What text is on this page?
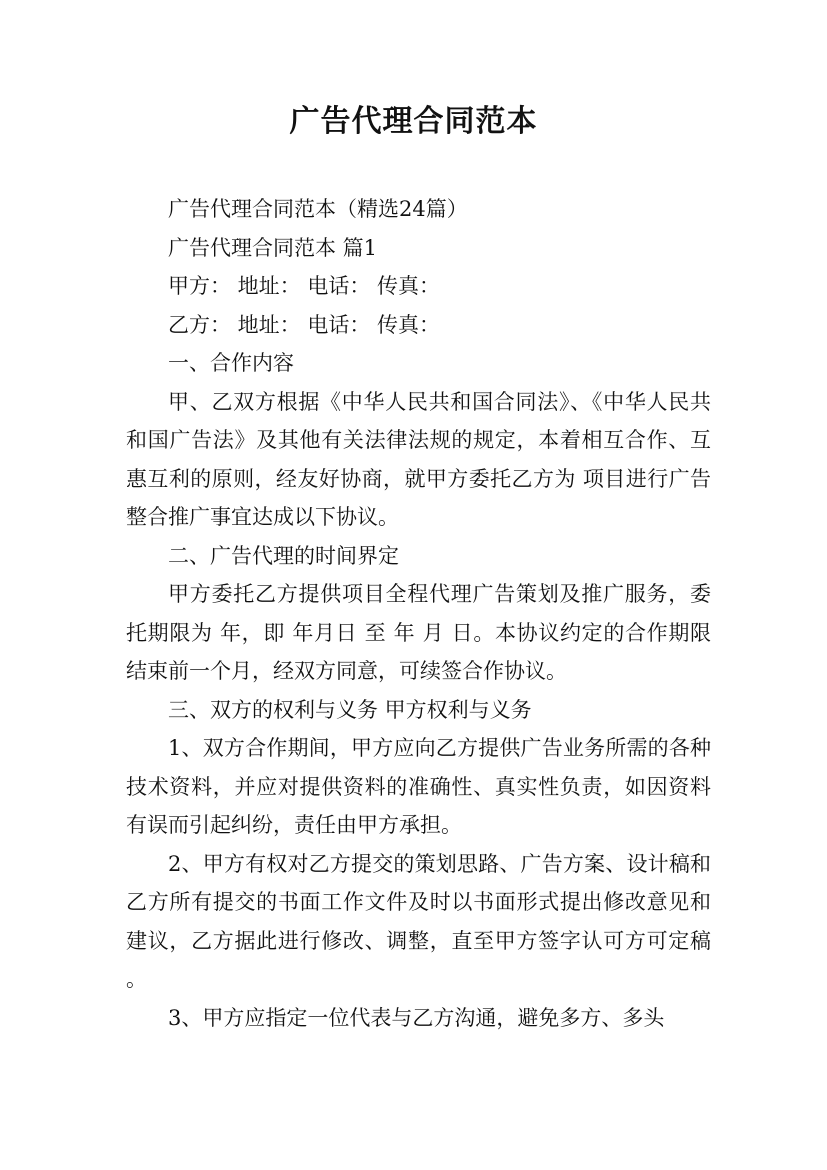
广告代理合同范本

广告代理合同范本（精选24篇）

广告代理合同范本 篇1

甲方： 地址： 电话： 传真：

乙方： 地址： 电话： 传真：

一、合作内容

甲、乙双方根据《中华人民共和国合同法》、《中华人民共和国广告法》及其他有关法律法规的规定，本着相互合作、互惠互利的原则，经友好协商，就甲方委托乙方为 项目进行广告整合推广事宜达成以下协议。

二、广告代理的时间界定

甲方委托乙方提供项目全程代理广告策划及推广服务，委托期限为 年，即 年月日 至 年 月 日。本协议约定的合作期限结束前一个月，经双方同意，可续签合作协议。

三、双方的权利与义务 甲方权利与义务

1、双方合作期间，甲方应向乙方提供广告业务所需的各种技术资料，并应对提供资料的准确性、真实性负责，如因资料有误而引起纠纷，责任由甲方承担。

2、甲方有权对乙方提交的策划思路、广告方案、设计稿和乙方所有提交的书面工作文件及时以书面形式提出修改意见和建议，乙方据此进行修改、调整，直至甲方签字认可方可定稿。

3、甲方应指定一位代表与乙方沟通，避免多方、多头
